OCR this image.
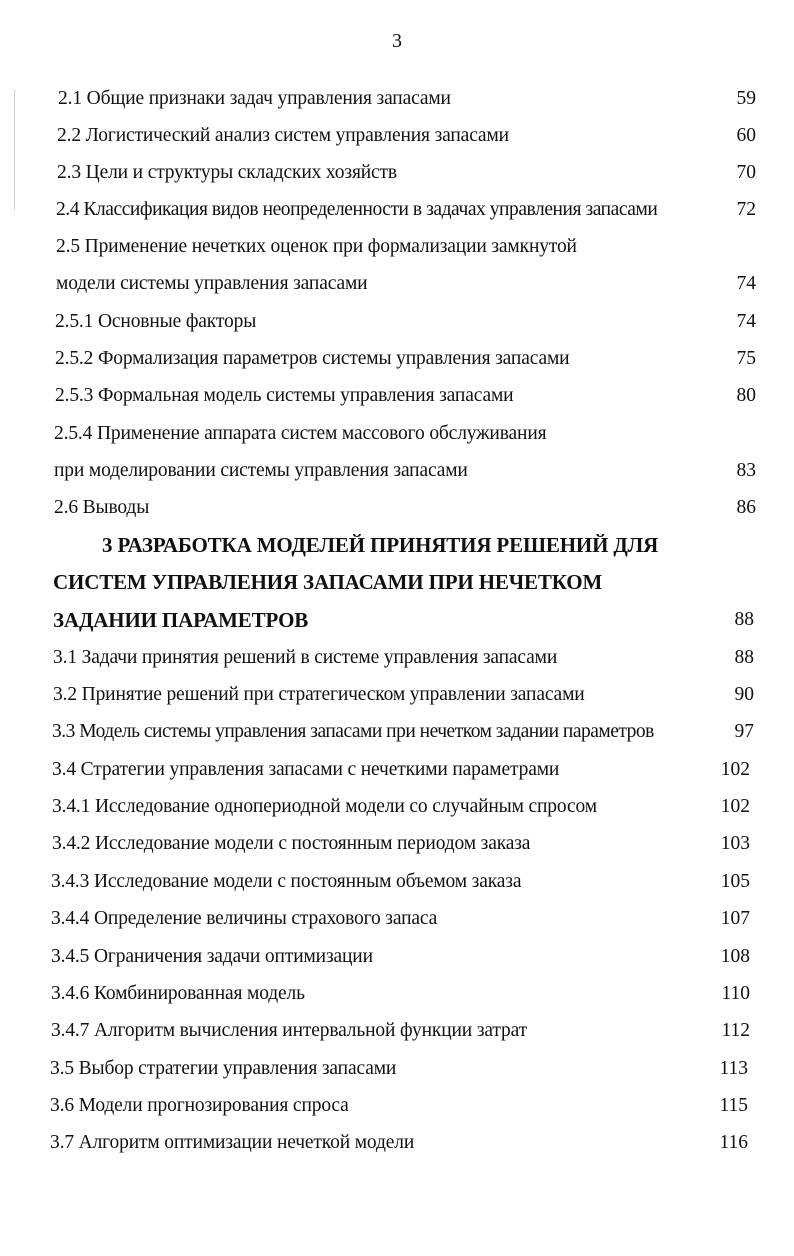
3
2.1 Общие признаки задач управления запасами	59
2.2 Логистический анализ систем управления запасами	60
2.3 Цели и структуры складских хозяйств	70
2.4 Классификация видов неопределенности в задачах управления запасами	72
2.5 Применение нечетких оценок при формализации замкнутой
модели системы управления запасами	74
2.5.1 Основные факторы	74
2.5.2 Формализация параметров системы управления запасами	75
2.5.3 Формальная модель системы управления запасами	80
2.5.4 Применение аппарата систем массового обслуживания
при моделировании системы управления запасами	83
2.6 Выводы	86
3 РАЗРАБОТКА МОДЕЛЕЙ ПРИНЯТИЯ РЕШЕНИЙ ДЛЯ
СИСТЕМ УПРАВЛЕНИЯ ЗАПАСАМИ ПРИ НЕЧЕТКОМ
ЗАДАНИИ ПАРАМЕТРОВ	88
3.1 Задачи принятия решений в системе управления запасами	88
3.2 Принятие решений при стратегическом управлении запасами	90
3.3 Модель системы управления запасами при нечетком задании параметров	97
3.4 Стратегии управления запасами с нечеткими параметрами	102
3.4.1 Исследование однопериодной модели со случайным спросом	102
3.4.2 Исследование модели с постоянным периодом заказа	103
3.4.3 Исследование модели с постоянным объемом заказа	105
3.4.4 Определение величины страхового запаса	107
3.4.5 Ограничения задачи оптимизации	108
3.4.6 Комбинированная модель	110
3.4.7 Алгоритм вычисления интервальной функции затрат	112
3.5 Выбор стратегии управления запасами	113
3.6 Модели прогнозирования спроса	115
3.7 Алгоритм оптимизации нечеткой модели	116
